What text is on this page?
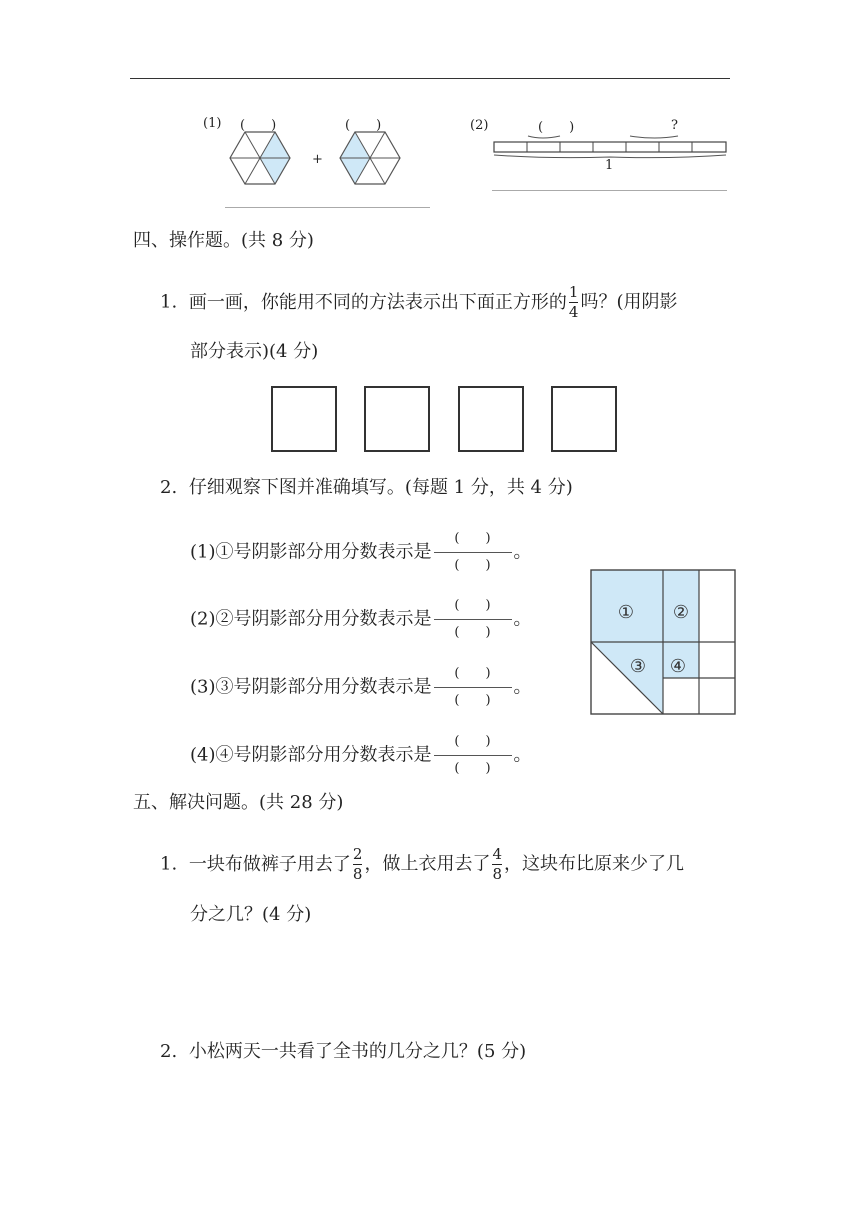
(1) (　　)	(　　)
+
(2)	(　　)	?
1
四、操作题。(共 8 分)
1. 画一画，你能用不同的方法表示出下面正方形的 $\frac{1}{4}$ 吗？(用阴影
部分表示)(4 分)
2. 仔细观察下图并准确填写。(每题 1 分，共 4 分)
(1)①号阴影部分用分数表示是(　　)
(　　)。
(2)②号阴影部分用分数表示是(　　)
(　　)。
(3)③号阴影部分用分数表示是(　　)
(　　)。
(4)④号阴影部分用分数表示是(　　)
(　　)。
① ②
③ ④
五、解决问题。(共 28 分)
1. 一块布做裤子用去了 $\frac{2}{8}$ ，做上衣用去了 $\frac{4}{8}$ ，这块布比原来少了几
分之几？(4 分)
2. 小松两天一共看了全书的几分之几？(5 分)
